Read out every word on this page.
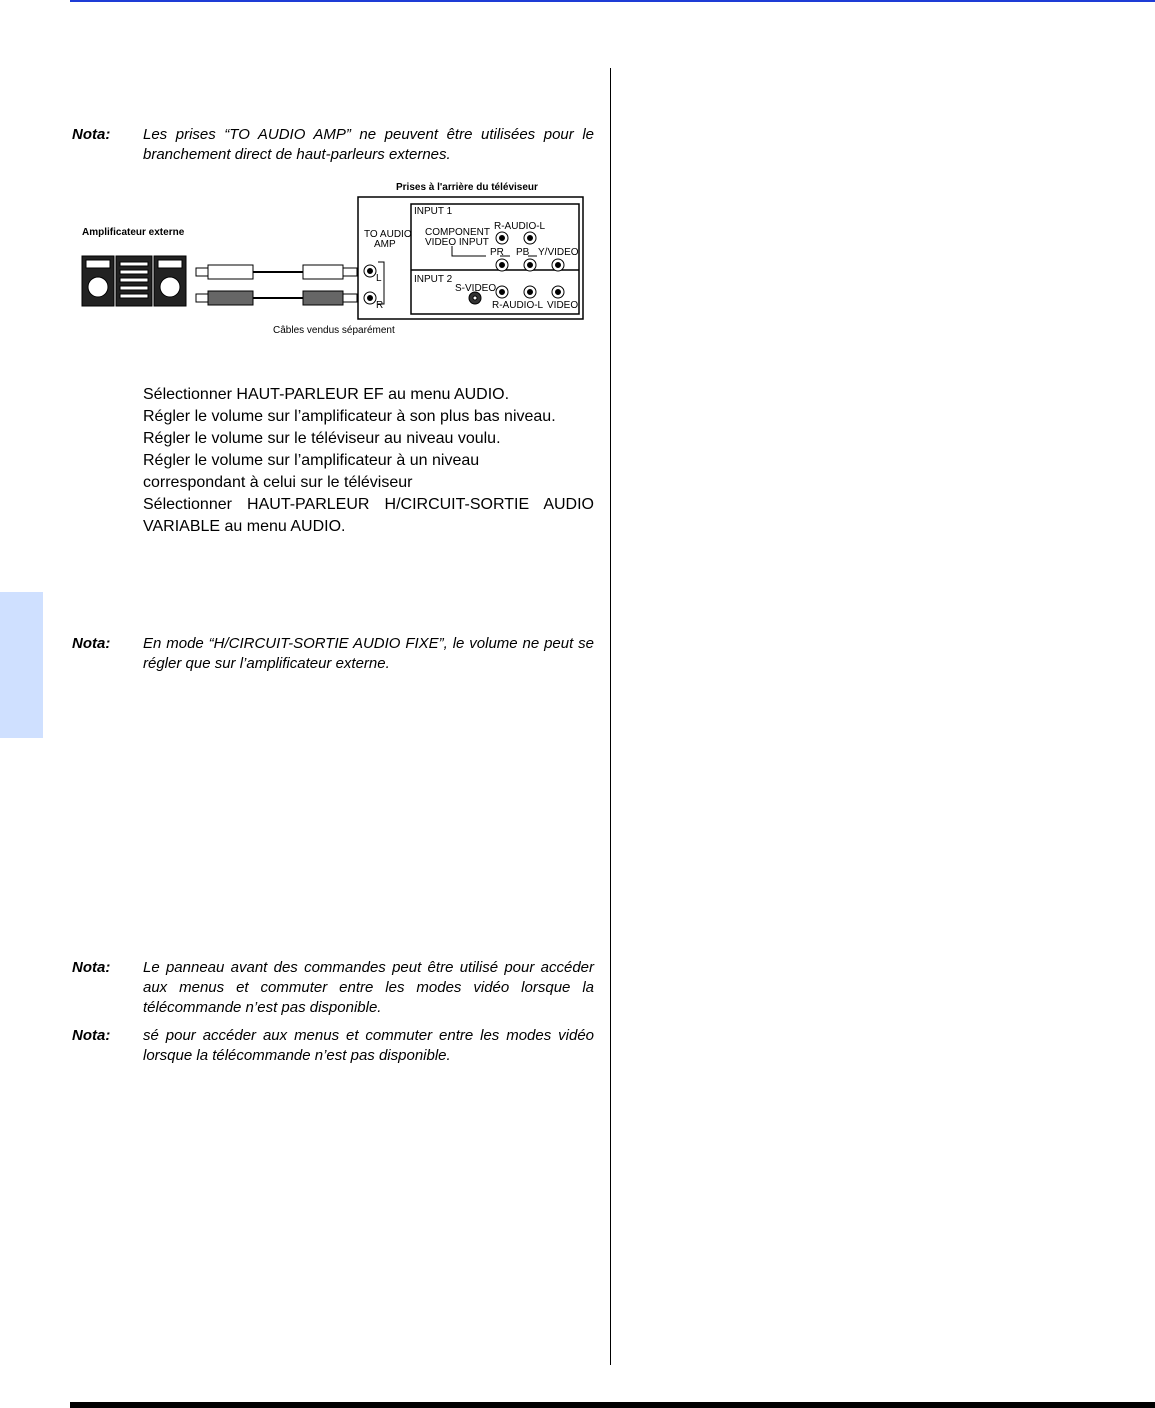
Nota: Les prises “TO AUDIO AMP” ne peuvent être utilisées pour le branchement direct de haut-parleurs externes.
Prises à l'arrière du téléviseur
Amplificateur externe
Câbles vendus séparément
TO AUDIO
AMP
L
R
INPUT 1
COMPONENT
VIDEO INPUT
R-AUDIO-L
PR PB Y/VIDEO
INPUT 2
S-VIDEO
R-AUDIO-L VIDEO

Sélectionner HAUT-PARLEUR EF au menu AUDIO.

Régler le volume sur l’amplificateur à son plus bas niveau.

Régler le volume sur le téléviseur au niveau voulu.

Régler le volume sur l’amplificateur à un niveau

correspondant à celui sur le téléviseur

Sélectionner HAUT-PARLEUR H/CIRCUIT-SORTIE AUDIO

VARIABLE au menu AUDIO.

Nota: En mode “H/CIRCUIT-SORTIE AUDIO FIXE”, le volume ne peut se régler que sur l’amplificateur externe.
Nota: Le panneau avant des commandes peut être utilisé pour accéder aux menus et commuter entre les modes vidéo lorsque la télécommande n’est pas disponible.
Nota: sé pour accéder aux menus et commuter entre les modes vidéo lorsque la télécommande n’est pas disponible.
